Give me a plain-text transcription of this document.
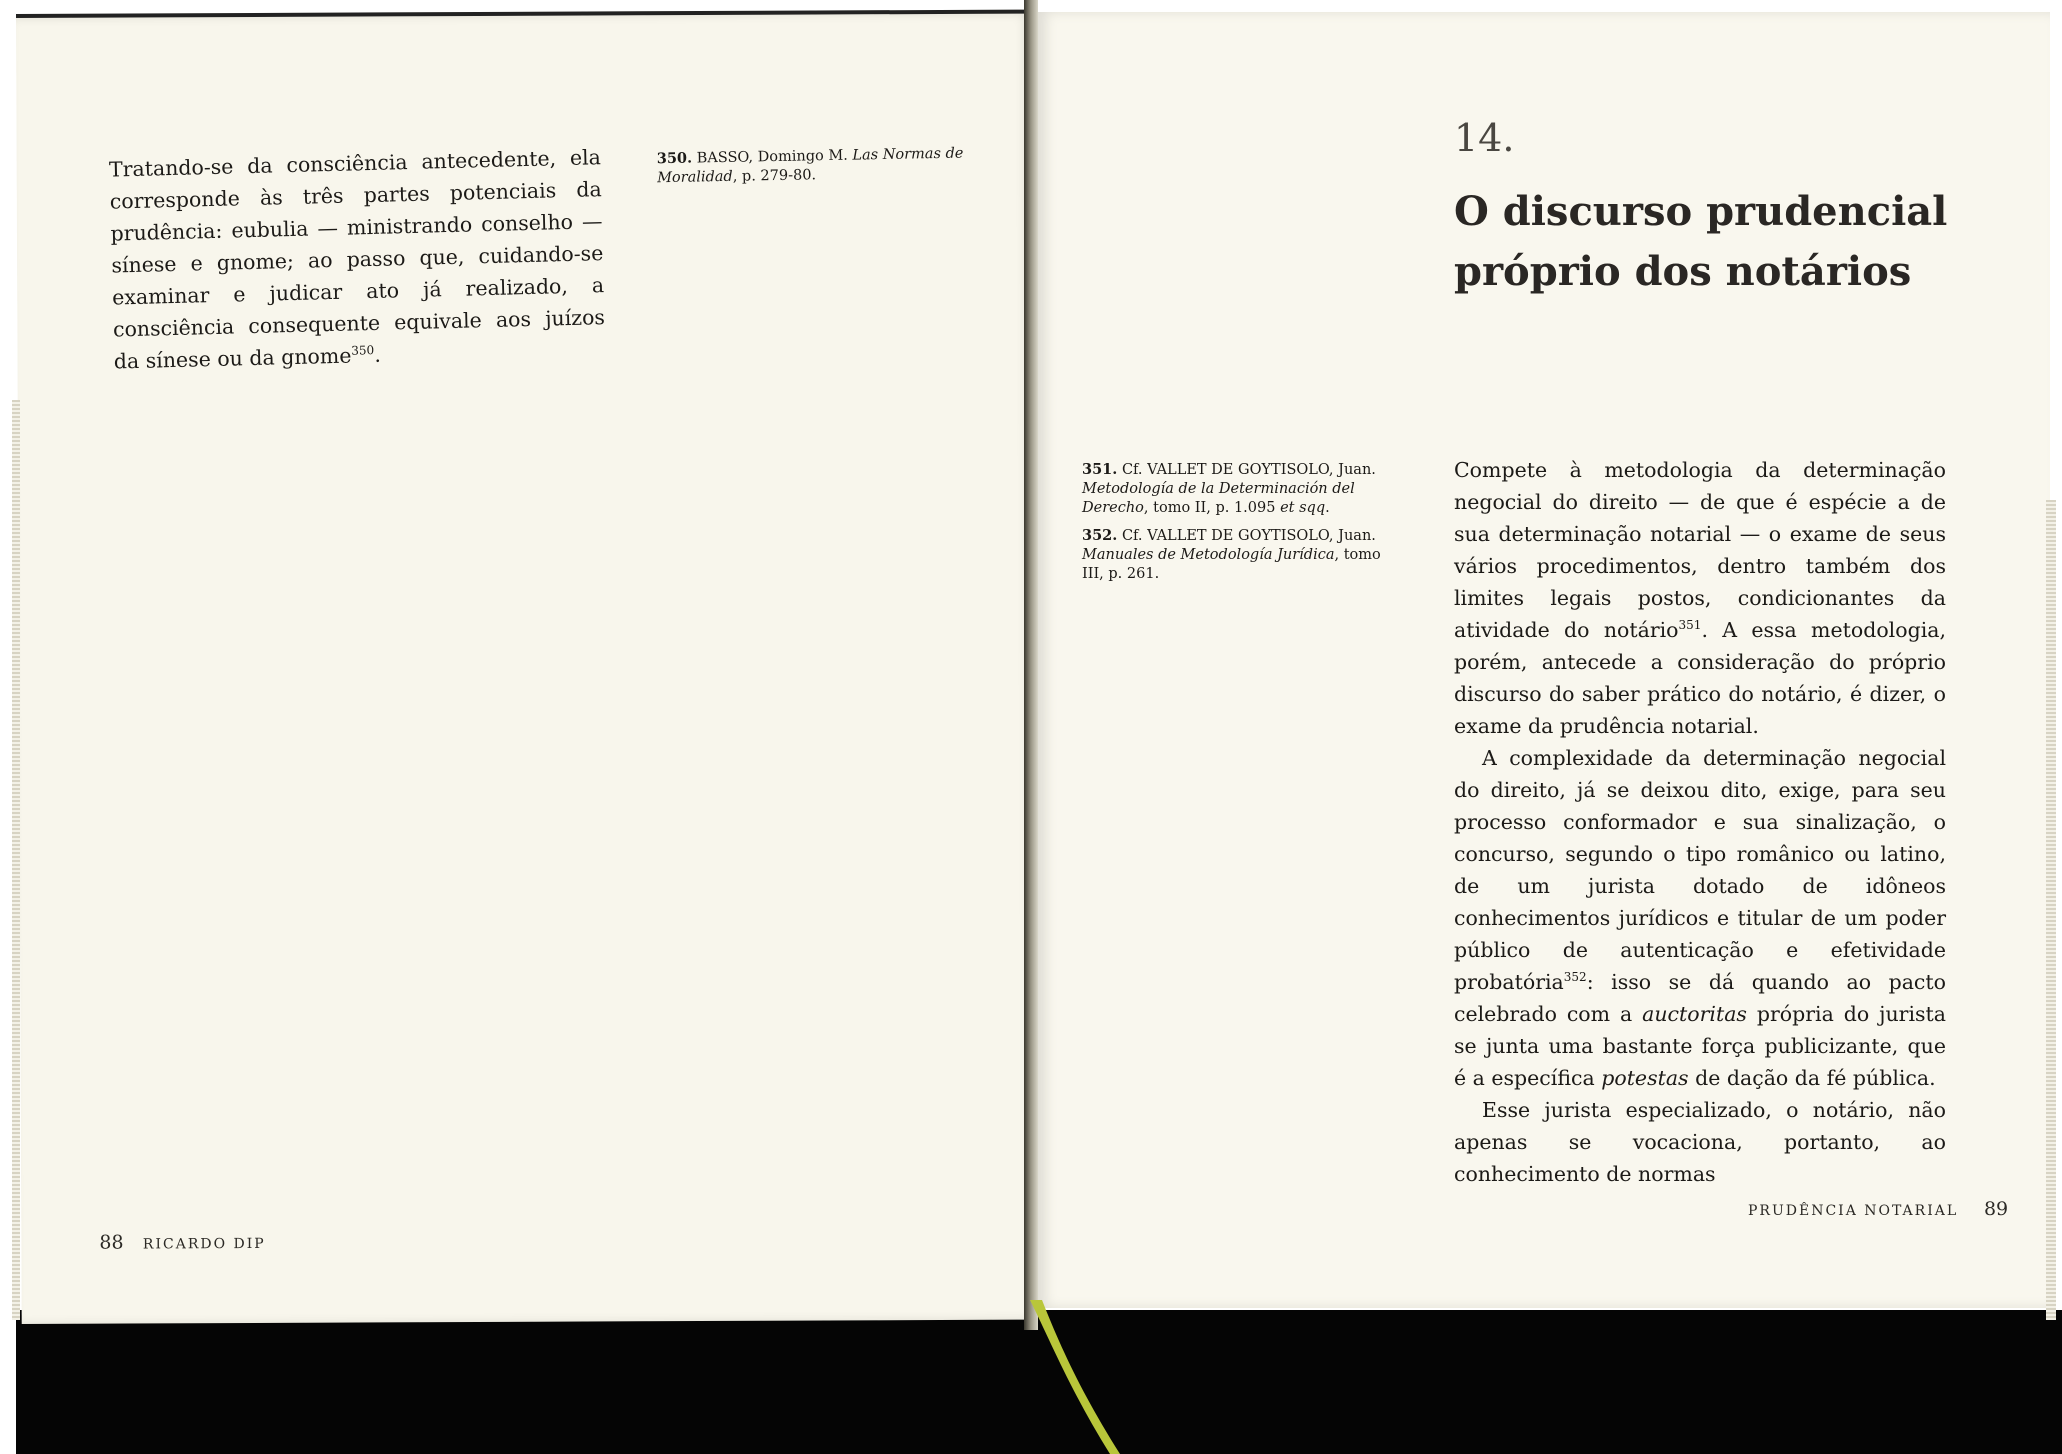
Tratando-se da consciência antecedente, ela corresponde às três partes potenciais da prudência: eubulia — ministrando conselho — sínese e gnome; ao passo que, cuidando-se examinar e judicar ato já realizado, a consciência consequente equivale aos juízos da sínese ou da gnome$^{350}$.

350. BASSO, Domingo M. Las Normas de Moralidad, p. 279-80.

88 RICARDO DIP
14.
O discurso prudencial
próprio dos notários

351. Cf. VALLET DE GOYTISOLO, Juan. Metodología de la Determinación del Derecho, tomo II, p. 1.095 et sqq.

352. Cf. VALLET DE GOYTISOLO, Juan. Manuales de Metodología Jurídica, tomo III, p. 261.

Compete à metodologia da determinação negocial do direito — de que é espécie a de sua determinação notarial — o exame de seus vários procedimentos, dentro também dos limites legais postos, condicionantes da atividade do notário$^{351}$. A essa metodologia, porém, antecede a consideração do próprio discurso do saber prático do notário, é dizer, o exame da prudência notarial.

A complexidade da determinação negocial do direito, já se deixou dito, exige, para seu processo conformador e sua sinalização, o concurso, segundo o tipo românico ou latino, de um jurista dotado de idôneos conhecimentos jurídicos e titular de um poder público de autenticação e efetividade probatória$^{352}$: isso se dá quando ao pacto celebrado com a auctoritas própria do jurista se junta uma bastante força publicizante, que é a específica potestas de dação da fé pública.

Esse jurista especializado, o notário, não apenas se vocaciona, portanto, ao conhecimento de normas

PRUDÊNCIA NOTARIAL 89
